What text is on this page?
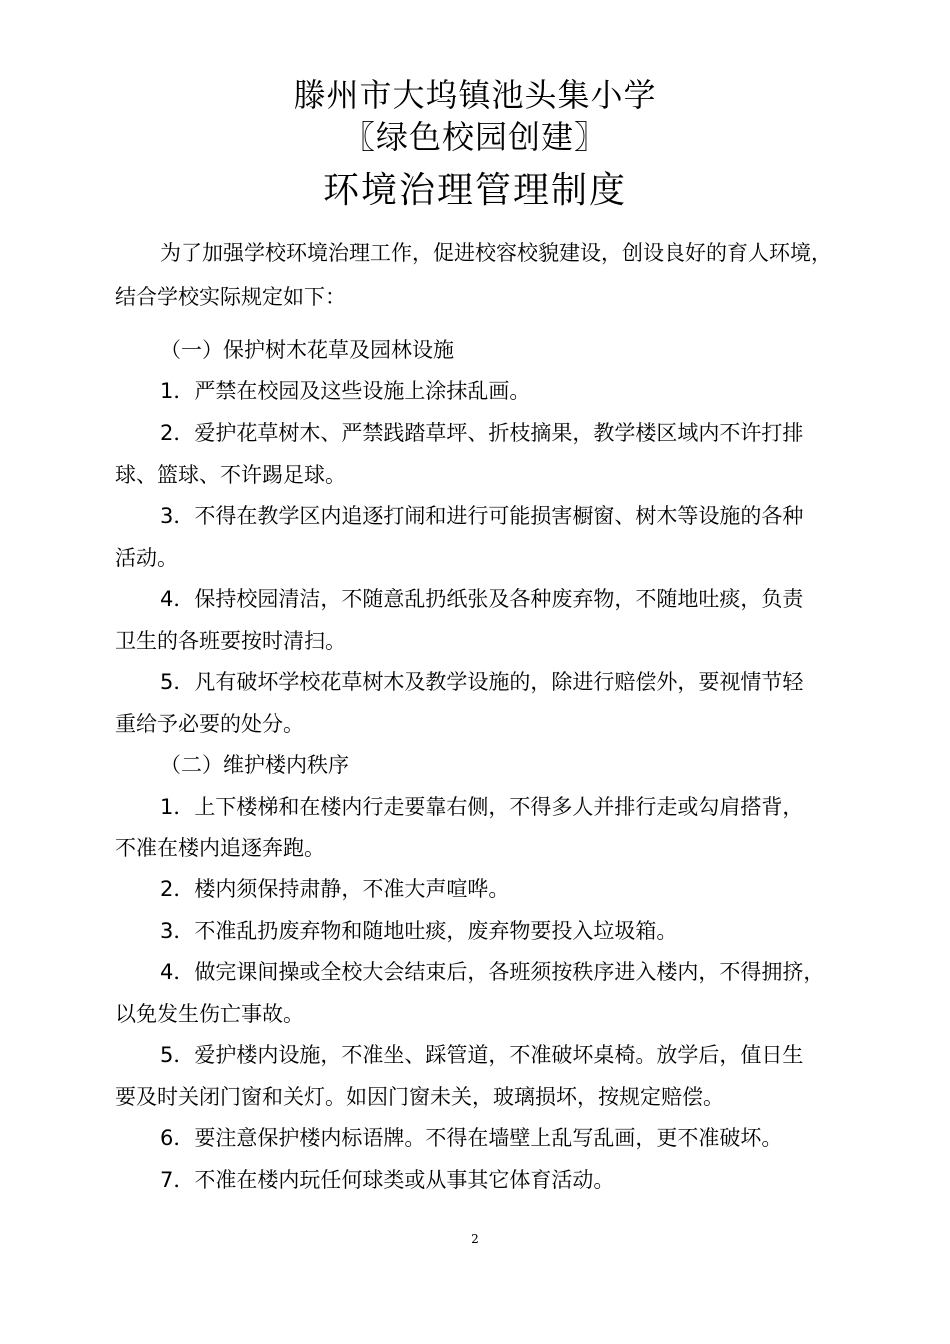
滕州市大坞镇池头集小学
〖绿色校园创建〗
环境治理管理制度
为了加强学校环境治理工作，促进校容校貌建设，创设良好的育人环境，
结合学校实际规定如下：
（一）保护树木花草及园林设施
1．严禁在校园及这些设施上涂抹乱画。
2．爱护花草树木、严禁践踏草坪、折枝摘果，教学楼区域内不许打排
球、篮球、不许踢足球。
3．不得在教学区内追逐打闹和进行可能损害橱窗、树木等设施的各种
活动。
4．保持校园清洁，不随意乱扔纸张及各种废弃物，不随地吐痰，负责
卫生的各班要按时清扫。
5．凡有破坏学校花草树木及教学设施的，除进行赔偿外，要视情节轻
重给予必要的处分。
（二）维护楼内秩序
1．上下楼梯和在楼内行走要靠右侧，不得多人并排行走或勾肩搭背，
不准在楼内追逐奔跑。
2．楼内须保持肃静，不准大声喧哗。
3．不准乱扔废弃物和随地吐痰，废弃物要投入垃圾箱。
4．做完课间操或全校大会结束后，各班须按秩序进入楼内，不得拥挤，
以免发生伤亡事故。
5．爱护楼内设施，不准坐、踩管道，不准破坏桌椅。放学后，值日生
要及时关闭门窗和关灯。如因门窗未关，玻璃损坏，按规定赔偿。
6．要注意保护楼内标语牌。不得在墙壁上乱写乱画，更不准破坏。
7．不准在楼内玩任何球类或从事其它体育活动。
2
